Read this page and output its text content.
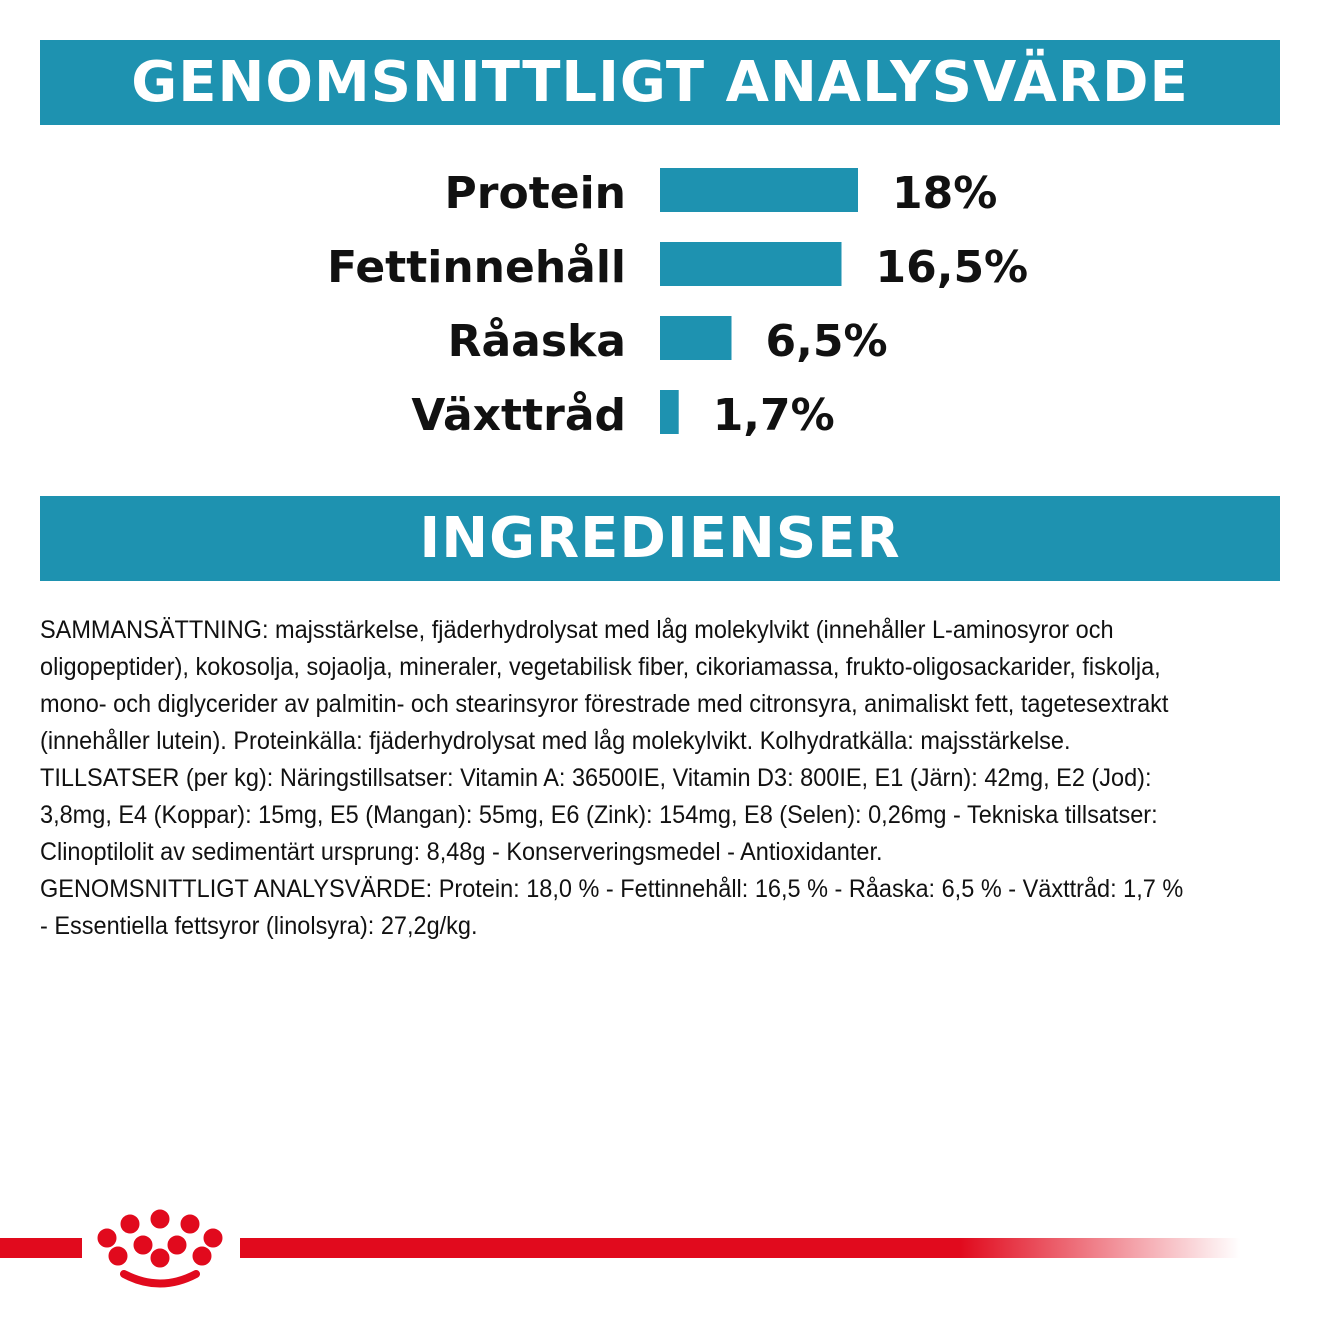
GENOMSNITTLIGT ANALYSVÄRDE
Protein	18%
Fettinnehåll	16,5%
Råaska	6,5%
Växttråd 1,7%
INGREDIENSER

SAMMANSÄTTNING: majsstärkelse, fjäderhydrolysat med låg molekylvikt (innehåller L-aminosyror och oligopeptider), kokosolja, sojaolja, mineraler, vegetabilisk fiber, cikoriamassa, frukto-oligosackarider, fiskolja, mono- och diglycerider av palmitin- och stearinsyror förestrade med citronsyra, animaliskt fett, tagetesextrakt (innehåller lutein). Proteinkälla: fjäderhydrolysat med låg molekylvikt. Kolhydratkälla: majsstärkelse.

TILLSATSER (per kg): Näringstillsatser: Vitamin A: 36500IE, Vitamin D3: 800IE, E1 (Järn): 42mg, E2 (Jod): 3,8mg, E4 (Koppar): 15mg, E5 (Mangan): 55mg, E6 (Zink): 154mg, E8 (Selen): 0,26mg - Tekniska tillsatser: Clinoptilolit av sedimentärt ursprung: 8,48g - Konserveringsmedel - Antioxidanter.

GENOMSNITTLIGT ANALYSVÄRDE: Protein: 18,0 % - Fettinnehåll: 16,5 % - Råaska: 6,5 % - Växttråd: 1,7 % - Essentiella fettsyror (linolsyra): 27,2g/kg.
